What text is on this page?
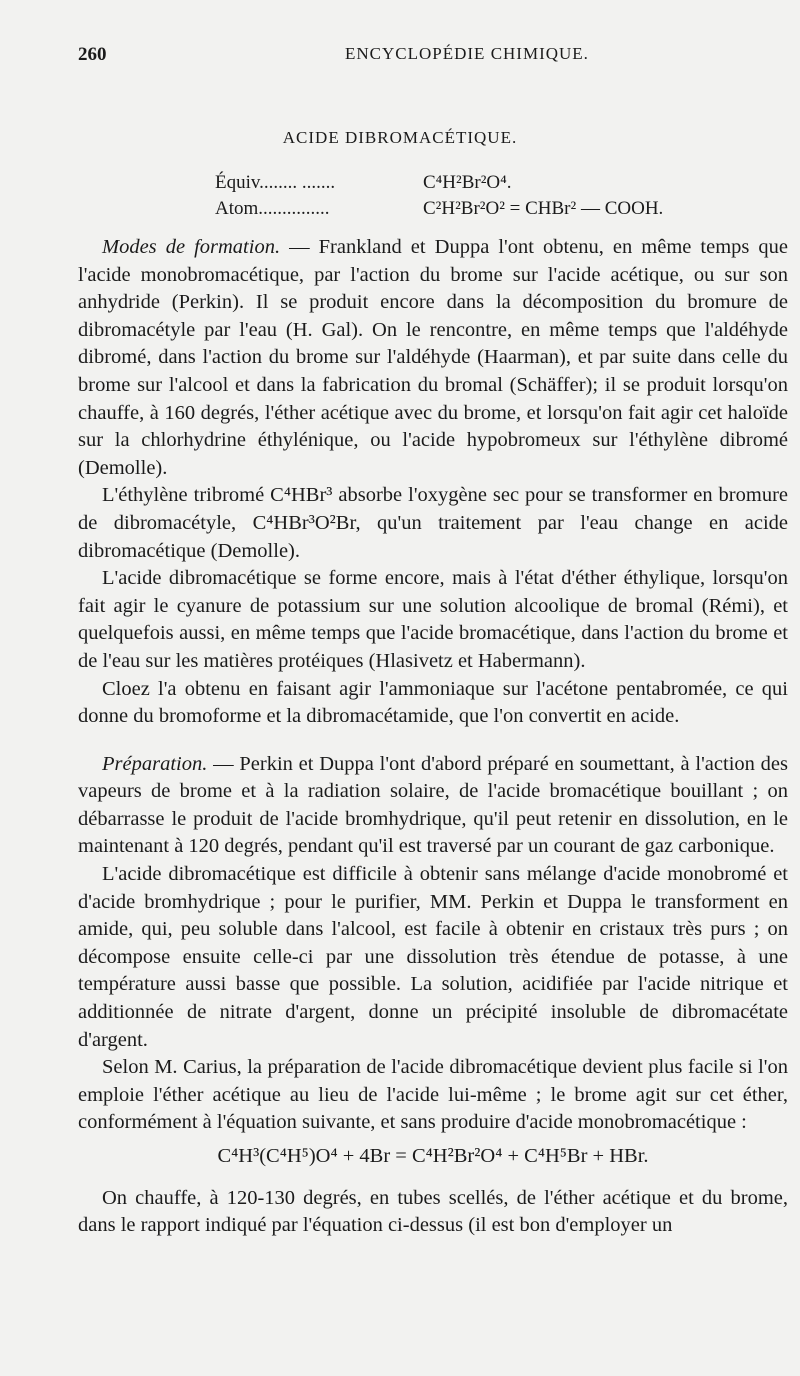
260	ENCYCLOPÉDIE CHIMIQUE.
ACIDE DIBROMACÉTIQUE.
Équiv........ .......	C⁴H²Br²O⁴.
Atom...............	C²H²Br²O² = CHBr² — COOH.

Modes de formation. — Frankland et Duppa l'ont obtenu, en même temps que l'acide monobromacétique, par l'action du brome sur l'acide acétique, ou sur son anhydride (Perkin). Il se produit encore dans la décomposition du bromure de dibromacétyle par l'eau (H. Gal). On le rencontre, en même temps que l'aldéhyde dibromé, dans l'action du brome sur l'aldéhyde (Haarman), et par suite dans celle du brome sur l'alcool et dans la fabrication du bromal (Schäffer); il se produit lorsqu'on chauffe, à 160 degrés, l'éther acétique avec du brome, et lorsqu'on fait agir cet haloïde sur la chlorhydrine éthylénique, ou l'acide hypobromeux sur l'éthylène dibromé (Demolle).

L'éthylène tribromé C⁴HBr³ absorbe l'oxygène sec pour se transformer en bromure de dibromacétyle, C⁴HBr³O²Br, qu'un traitement par l'eau change en acide dibromacétique (Demolle).

L'acide dibromacétique se forme encore, mais à l'état d'éther éthylique, lorsqu'on fait agir le cyanure de potassium sur une solution alcoolique de bromal (Rémi), et quelquefois aussi, en même temps que l'acide bromacétique, dans l'action du brome et de l'eau sur les matières protéiques (Hlasivetz et Habermann).

Cloez l'a obtenu en faisant agir l'ammoniaque sur l'acétone pentabromée, ce qui donne du bromoforme et la dibromacétamide, que l'on convertit en acide.

Préparation. — Perkin et Duppa l'ont d'abord préparé en soumettant, à l'action des vapeurs de brome et à la radiation solaire, de l'acide bromacétique bouillant ; on débarrasse le produit de l'acide bromhydrique, qu'il peut retenir en dissolution, en le maintenant à 120 degrés, pendant qu'il est traversé par un courant de gaz carbonique.

L'acide dibromacétique est difficile à obtenir sans mélange d'acide monobromé et d'acide bromhydrique ; pour le purifier, MM. Perkin et Duppa le transforment en amide, qui, peu soluble dans l'alcool, est facile à obtenir en cristaux très purs ; on décompose ensuite celle-ci par une dissolution très étendue de potasse, à une température aussi basse que possible. La solution, acidifiée par l'acide nitrique et additionnée de nitrate d'argent, donne un précipité insoluble de dibromacétate d'argent.

Selon M. Carius, la préparation de l'acide dibromacétique devient plus facile si l'on emploie l'éther acétique au lieu de l'acide lui-même ; le brome agit sur cet éther, conformément à l'équation suivante, et sans produire d'acide monobromacétique :

C⁴H³(C⁴H⁵)O⁴ + 4Br = C⁴H²Br²O⁴ + C⁴H⁵Br + HBr.

On chauffe, à 120-130 degrés, en tubes scellés, de l'éther acétique et du brome, dans le rapport indiqué par l'équation ci-dessus (il est bon d'employer un
